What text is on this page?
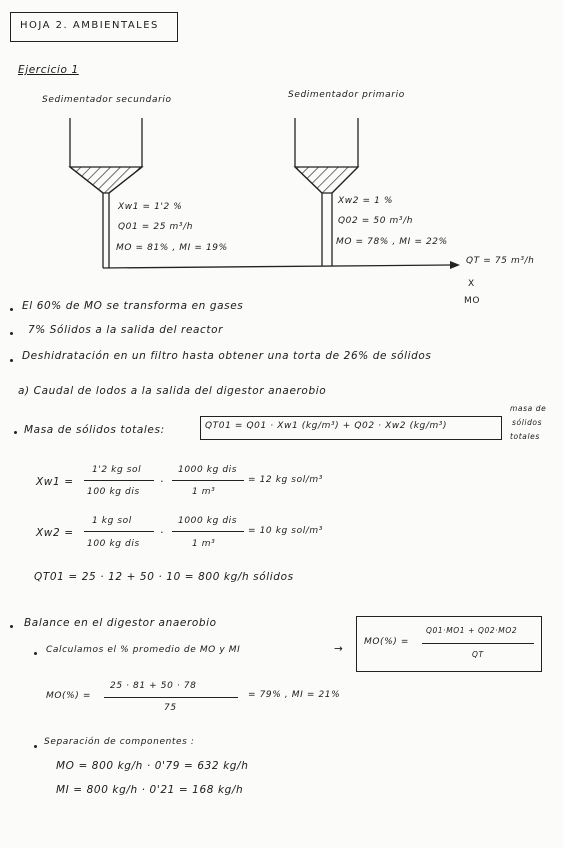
HOJA 2. AMBIENTALES
Ejercicio 1
Sedimentador secundario	Sedimentador primario
Xw1 = 1'2 %
Q01 = 25 m³/h
MO = 81% , MI = 19%
Xw2 = 1 %
Q02 = 50 m³/h
MO = 78% , MI = 22%
QT = 75 m³/h
X
MO
El 60% de MO se transforma en gases
7% Sólidos a la salida del reactor
Deshidratación en un filtro hasta obtener una torta de 26% de sólidos
a) Caudal de lodos a la salida del digestor anaerobio
Masa de sólidos totales:	QT01 = Q01 · Xw1 (kg/m³) + Q02 · Xw2 (kg/m³)
masa de
sólidos
totales
Xw1 =
1'2 kg sol
100 kg dis
·
1000 kg dis
1 m³
= 12 kg sol/m³
Xw2 =
1 kg sol
100 kg dis
·
1000 kg dis
1 m³
= 10 kg sol/m³
QT01 = 25 · 12 + 50 · 10 = 800 kg/h sólidos
Balance en el digestor anaerobio
Calculamos el % promedio de MO y MI	→
MO(%) =
Q01·MO1 + Q02·MO2
QT
MO(%) =
25 · 81 + 50 · 78
75
= 79% , MI = 21%
Separación de componentes :
MO = 800 kg/h · 0'79 = 632 kg/h
MI = 800 kg/h · 0'21 = 168 kg/h
